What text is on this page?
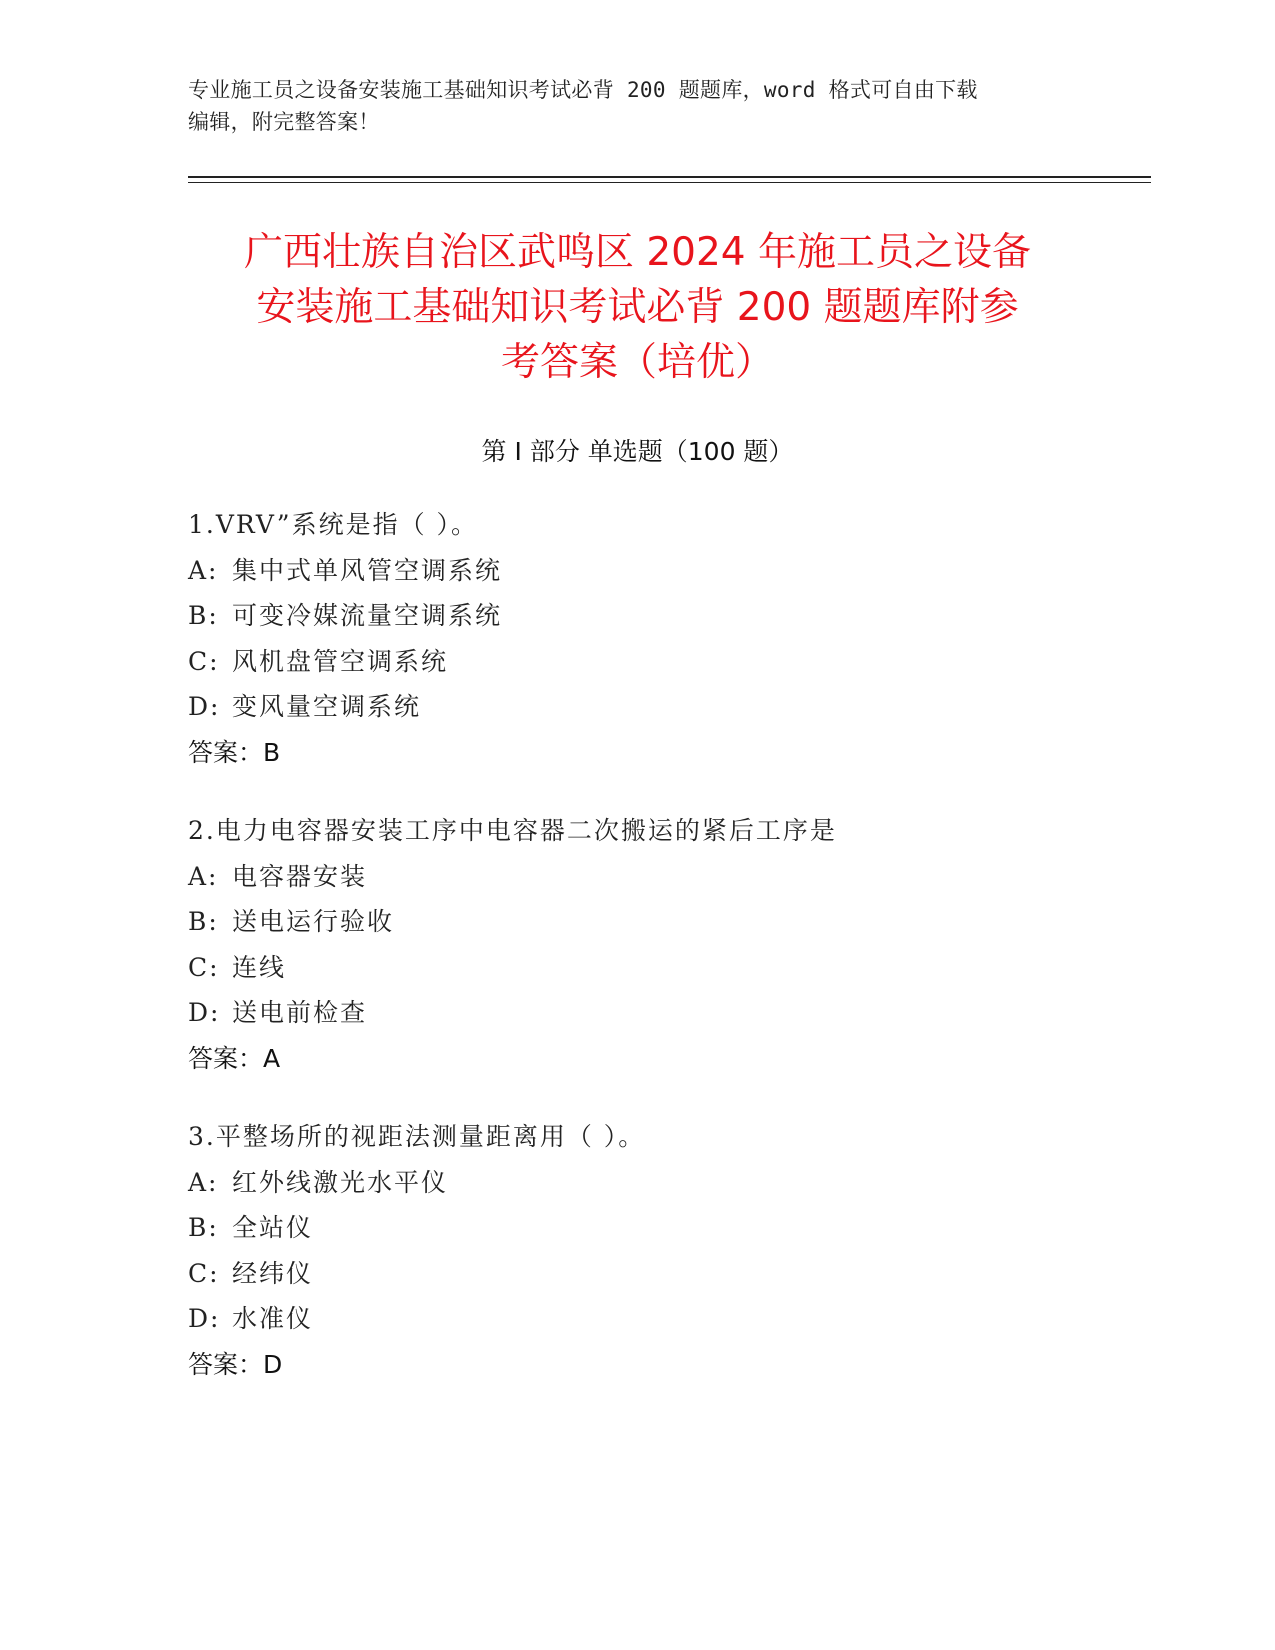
专业施工员之设备安装施工基础知识考试必背 200 题题库，word 格式可自由下载
编辑，附完整答案！
广西壮族自治区武鸣区 2024 年施工员之设备
安装施工基础知识考试必背 200 题题库附参
考答案（培优）
第 I 部分 单选题（100 题）
1.VRV”系统是指（ ）。
A: 集中式单风管空调系统
B: 可变冷媒流量空调系统
C: 风机盘管空调系统
D: 变风量空调系统
答案：B
2.电力电容器安装工序中电容器二次搬运的紧后工序是
A: 电容器安装
B: 送电运行验收
C: 连线
D: 送电前检查
答案：A
3.平整场所的视距法测量距离用（ ）。
A: 红外线激光水平仪
B: 全站仪
C: 经纬仪
D: 水准仪
答案：D
